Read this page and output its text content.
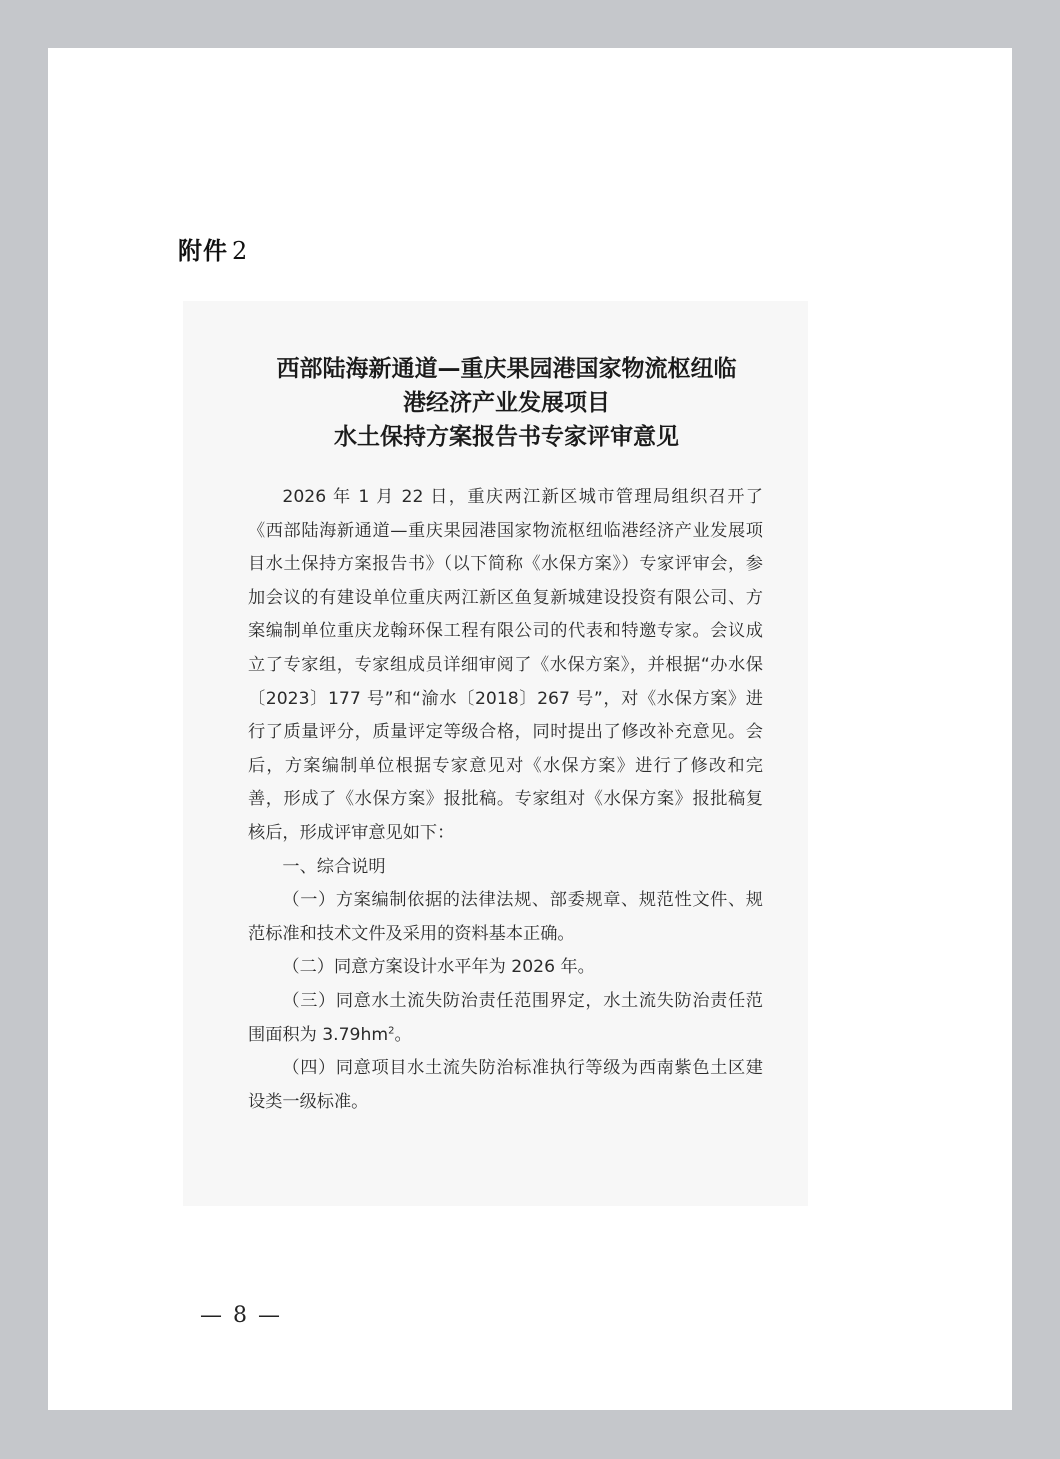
附件 2
西部陆海新通道—重庆果园港国家物流枢纽临
港经济产业发展项目
水土保持方案报告书专家评审意见

2026 年 1 月 22 日，重庆两江新区城市管理局组织召开了《西部陆海新通道—重庆果园港国家物流枢纽临港经济产业发展项目水土保持方案报告书》（以下简称《水保方案》）专家评审会，参加会议的有建设单位重庆两江新区鱼复新城建设投资有限公司、方案编制单位重庆龙翰环保工程有限公司的代表和特邀专家。会议成立了专家组，专家组成员详细审阅了《水保方案》，并根据“办水保〔2023〕177 号”和“渝水〔2018〕267 号”，对《水保方案》进行了质量评分，质量评定等级合格，同时提出了修改补充意见。会后，方案编制单位根据专家意见对《水保方案》进行了修改和完善，形成了《水保方案》报批稿。专家组对《水保方案》报批稿复核后，形成评审意见如下：

一、综合说明

（一）方案编制依据的法律法规、部委规章、规范性文件、规范标准和技术文件及采用的资料基本正确。

（二）同意方案设计水平年为 2026 年。

（三）同意水土流失防治责任范围界定，水土流失防治责任范围面积为 $3.79hm^2$。

（四）同意项目水土流失防治标准执行等级为西南紫色土区建设类一级标准。

— 8 —
